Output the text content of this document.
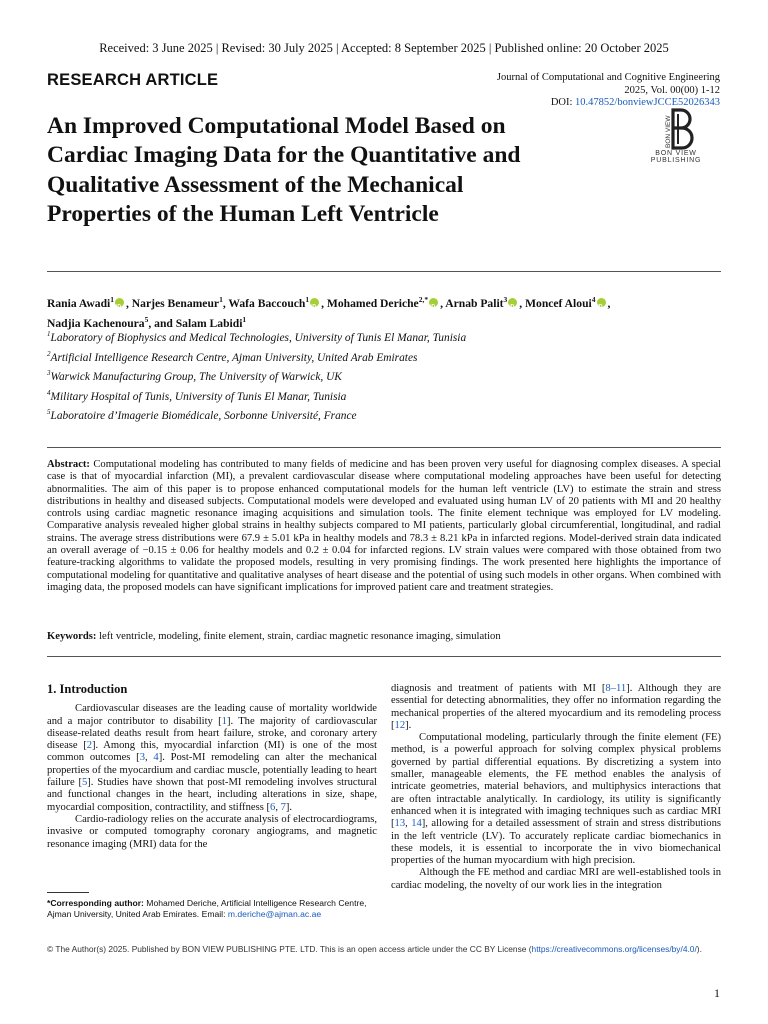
Received: 3 June 2025 | Revised: 30 July 2025 | Accepted: 8 September 2025 | Published online: 20 October 2025
RESEARCH ARTICLE	Journal of Computational and Cognitive Engineering
2025, Vol. 00(00) 1-12
DOI: 10.47852/bonviewJCCE52026343
BON VIEW
BON VIEW PUBLISHING
An Improved Computational Model Based on Cardiac Imaging Data for the Quantitative and Qualitative Assessment of the Mechanical Properties of the Human Left Ventricle
Rania Awadi$^1$ iD , Narjes Benameur$^1$, Wafa Baccouch$^1$ iD , Mohamed Deriche$^{2,*}$ iD , Arnab Palit$^3$ iD , Moncef Aloui$^4$iD ,
Nadjia Kachenoura$^5$, and Salam Labidi$^1$
$^1$Laboratory of Biophysics and Medical Technologies, University of Tunis El Manar, Tunisia
$^2$Artificial Intelligence Research Centre, Ajman University, United Arab Emirates
$^3$Warwick Manufacturing Group, The University of Warwick, UK
$^4$Military Hospital of Tunis, University of Tunis El Manar, Tunisia
$^5$Laboratoire d’Imagerie Biomédicale, Sorbonne Université, France
Abstract: Computational modeling has contributed to many fields of medicine and has been proven very useful for diagnosing complex diseases. A special case is that of myocardial infarction (MI), a prevalent cardiovascular disease where computational modeling approaches have been useful for detecting abnormalities. The aim of this paper is to propose enhanced computational models for the human left ventricle (LV) to estimate the strain and stress distributions in healthy and diseased subjects. Computational models were developed and evaluated using human LV of 20 patients with MI and 20 healthy controls using cardiac magnetic resonance imaging acquisitions and simulation tools. The finite element technique was employed for LV modeling. Comparative analysis revealed higher global strains in healthy subjects compared to MI patients, particularly global circumferential, longitudinal, and radial strains. The average stress distributions were 67.9 ± 5.01 kPa in healthy models and 78.3 ± 8.21 kPa in infarcted regions. Model-derived strain data indicated an overall average of −0.15 ± 0.06 for healthy models and 0.2 ± 0.04 for infarcted regions. LV strain values were compared with those obtained from two feature-tracking algorithms to validate the proposed models, resulting in very promising findings. The work presented here highlights the importance of computational modeling for quantitative and qualitative analyses of heart disease and the potential of using such models in other organs. When combined with imaging data, the proposed models can have significant implications for improved patient care and treatment strategies.
Keywords: left ventricle, modeling, finite element, strain, cardiac magnetic resonance imaging, simulation
1. Introduction

Cardiovascular diseases are the leading cause of mortality worldwide and a major contributor to disability [1]. The majority of cardiovascular disease-related deaths result from heart failure, stroke, and coronary artery disease [2]. Among this, myocardial infarction (MI) is one of the most common outcomes [3, 4]. Post-MI remodeling can alter the mechanical properties of the myocardium and cardiac muscle, potentially leading to heart failure [5]. Studies have shown that post-MI remodeling involves structural and functional changes in the heart, including alterations in size, shape, myocardial composition, contractility, and stiffness [6, 7].

Cardio-radiology relies on the accurate analysis of electrocardiograms, invasive or computed tomography coronary angiograms, and magnetic resonance imaging (MRI) data for the

diagnosis and treatment of patients with MI [8–11]. Although they are essential for detecting abnormalities, they offer no information regarding the mechanical properties of the altered myocardium and its remodeling process [12].

Computational modeling, particularly through the finite element (FE) method, is a powerful approach for solving complex physical problems governed by partial differential equations. By discretizing a system into smaller, manageable elements, the FE method enables the analysis of intricate geometries, material behaviors, and multiphysics interactions that are often intractable analytically. In cardiology, its utility is significantly enhanced when it is integrated with imaging techniques such as cardiac MRI [13, 14], allowing for a detailed assessment of strain and stress distributions in the left ventricle (LV). To accurately replicate cardiac biomechanics in these models, it is essential to incorporate the in vivo biomechanical properties of the human myocardium with high precision.

Although the FE method and cardiac MRI are well-established tools in cardiac modeling, the novelty of our work lies in the integration

*Corresponding author: Mohamed Deriche, Artificial Intelligence Research Centre, Ajman University, United Arab Emirates. Email: m.deriche@ajman.ac.ae
© The Author(s) 2025. Published by BON VIEW PUBLISHING PTE. LTD. This is an open access article under the CC BY License (https://creativecommons.org/licenses/by/4.0/).
1
